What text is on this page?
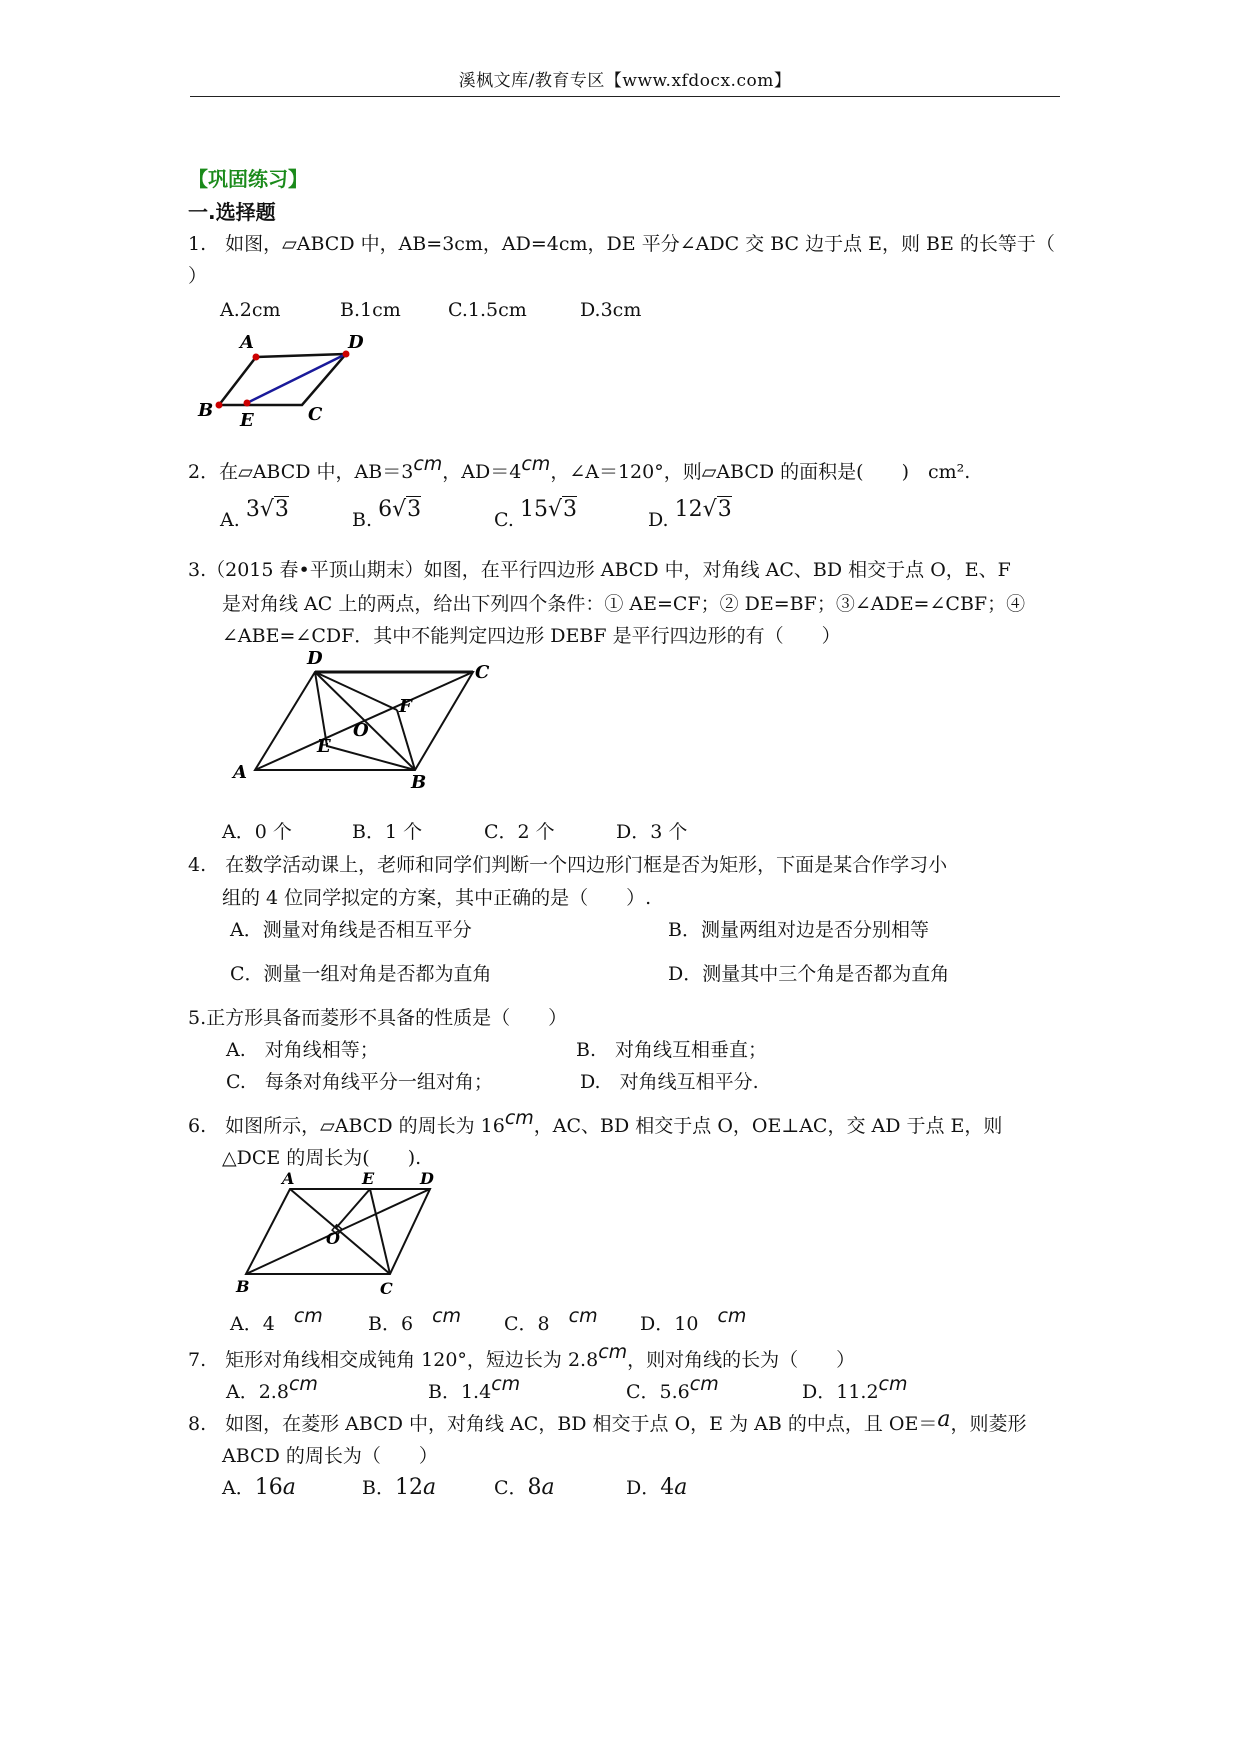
溪枫文库/教育专区【www.xfdocx.com】
【巩固练习】
一.选择题
1.　如图，▱ABCD 中，AB=3cm，AD=4cm，DE 平分∠ADC 交 BC 边于点 E，则 BE 的长等于（
）
A.2cm	B.1cm C.1.5cm	D.3cm
A	D
B E	C
2．在▱ABCD 中，AB＝3cm，AD＝4cm，∠A＝120°，则▱ABCD 的面积是(　　)　cm².
A. 3√3	B. 6√3	C. 15√3	D. 12√3
3.（2015 春•平顶山期末）如图，在平行四边形 ABCD 中，对角线 AC、BD 相交于点 O，E、F
是对角线 AC 上的两点，给出下列四个条件：① AE=CF；② DE=BF；③∠ADE=∠CBF；④
∠ABE=∠CDF．其中不能判定四边形 DEBF 是平行四边形的有（　　）
D
C
F
O
E
A	B
A．0 个	B．1 个	C．2 个	D．3 个
4.　在数学活动课上，老师和同学们判断一个四边形门框是否为矩形，下面是某合作学习小
组的 4 位同学拟定的方案，其中正确的是（　　）.
A．测量对角线是否相互平分	B．测量两组对边是否分别相等
C．测量一组对角是否都为直角	D．测量其中三个角是否都为直角
5.正方形具备而菱形不具备的性质是（　　）
A.　对角线相等；	B.　对角线互相垂直；
C.　每条对角线平分一组对角；	D.　对角线互相平分.
6.　如图所示，▱ABCD 的周长为 16cm，AC、BD 相交于点 O，OE⊥AC，交 AD 于点 E，则
△DCE 的周长为(　　).
A	E	D
O
B	C
A．4　 cm B．6　 cm C．8　 cm D．10　 cm
7.　矩形对角线相交成钝角 120°，短边长为 2.8cm，则对角线的长为（　　）
A．2.8cm	B．1.4cm	C．5.6cm	D．11.2cm
8.　如图，在菱形 ABCD 中，对角线 AC，BD 相交于点 O，E 为 AB 的中点，且 OE＝a，则菱形
ABCD 的周长为（　　）
A．16a	B．12a	C．8a	D．4a
